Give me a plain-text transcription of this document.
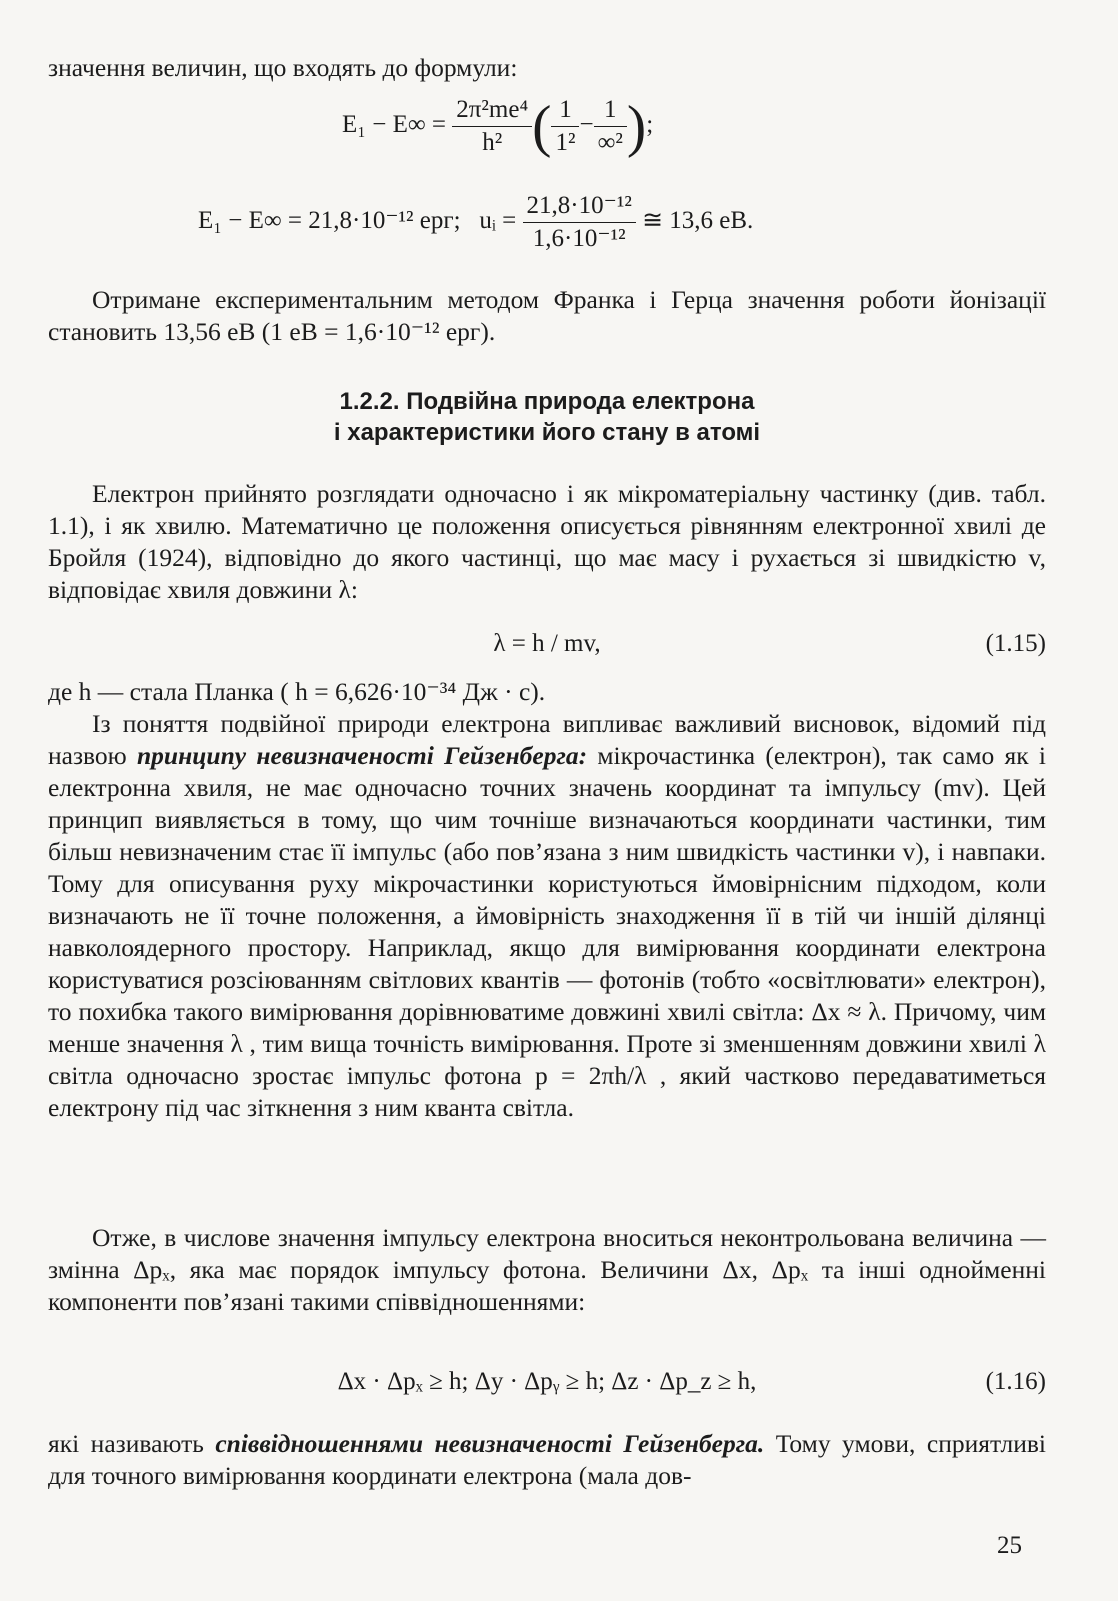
значення величин, що входять до формули:
$E_1 - E\infty = \frac{\text{2π²me⁴}}{\text{h²}}$ ( $\frac{1}{\text{1²}} - \frac{1}{\text{∞²}}$ );
E₁ − E∞ = 21,8·10⁻¹² ерг; uᵢ = $\frac{\text{21,8·10⁻¹²}}{\text{1,6·10⁻¹²}}$ ≅ 13,6 еВ.
Отримане експериментальним методом Франка і Герца значення роботи йонізації становить 13,56 еВ (1 еВ = 1,6·10⁻¹² ерг).
1.2.2. Подвійна природа електрона
і характеристики його стану в атомі
Електрон прийнято розглядати одночасно і як мікроматеріальну частинку (див. табл. 1.1), і як хвилю. Математично це положення описується рівнянням електронної хвилі де Бройля (1924), відповідно до якого частинці, що має масу і рухається зі швидкістю v, відповідає хвиля довжини λ:
λ = h / mv,	(1.15)
де h — стала Планка ( h = 6,626·10⁻³⁴ Дж · с).
Із поняття подвійної природи електрона випливає важливий висновок, відомий під назвою принципу невизначеності Гейзенберга: мікрочастинка (електрон), так само як і електронна хвиля, не має одночасно точних значень координат та імпульсу (mv). Цей принцип виявляється в тому, що чим точніше визначаються координати частинки, тим більш невизначеним стає її імпульс (або пов’язана з ним швидкість частинки v), і навпаки. Тому для описування руху мікрочастинки користуються ймовірнісним підходом, коли визначають не її точне положення, а ймовірність знаходження її в тій чи іншій ділянці навколоядерного простору. Наприклад, якщо для вимірювання координати електрона користуватися розсіюванням світлових квантів — фотонів (тобто «освітлювати» електрон), то похибка такого вимірювання дорівнюватиме довжині хвилі світла: Δx ≈ λ. Причому, чим менше значення λ , тим вища точність вимірювання. Проте зі зменшенням довжини хвилі λ світла одночасно зростає імпульс фотона p = 2πh/λ , який частково передаватиметься електрону під час зіткнення з ним кванта світла.
Отже, в числове значення імпульсу електрона вноситься неконтрольована величина — змінна Δpₓ, яка має порядок імпульсу фотона. Величини Δx, Δpₓ та інші однойменні компоненти пов’язані такими співвідношеннями:
Δx · Δpₓ ≥ h; Δy · Δpᵧ ≥ h; Δz · Δp_z ≥ h,	(1.16)
які називають співвідношеннями невизначеності Гейзенберга. Тому умови, сприятливі для точного вимірювання координати електрона (мала дов-
25
